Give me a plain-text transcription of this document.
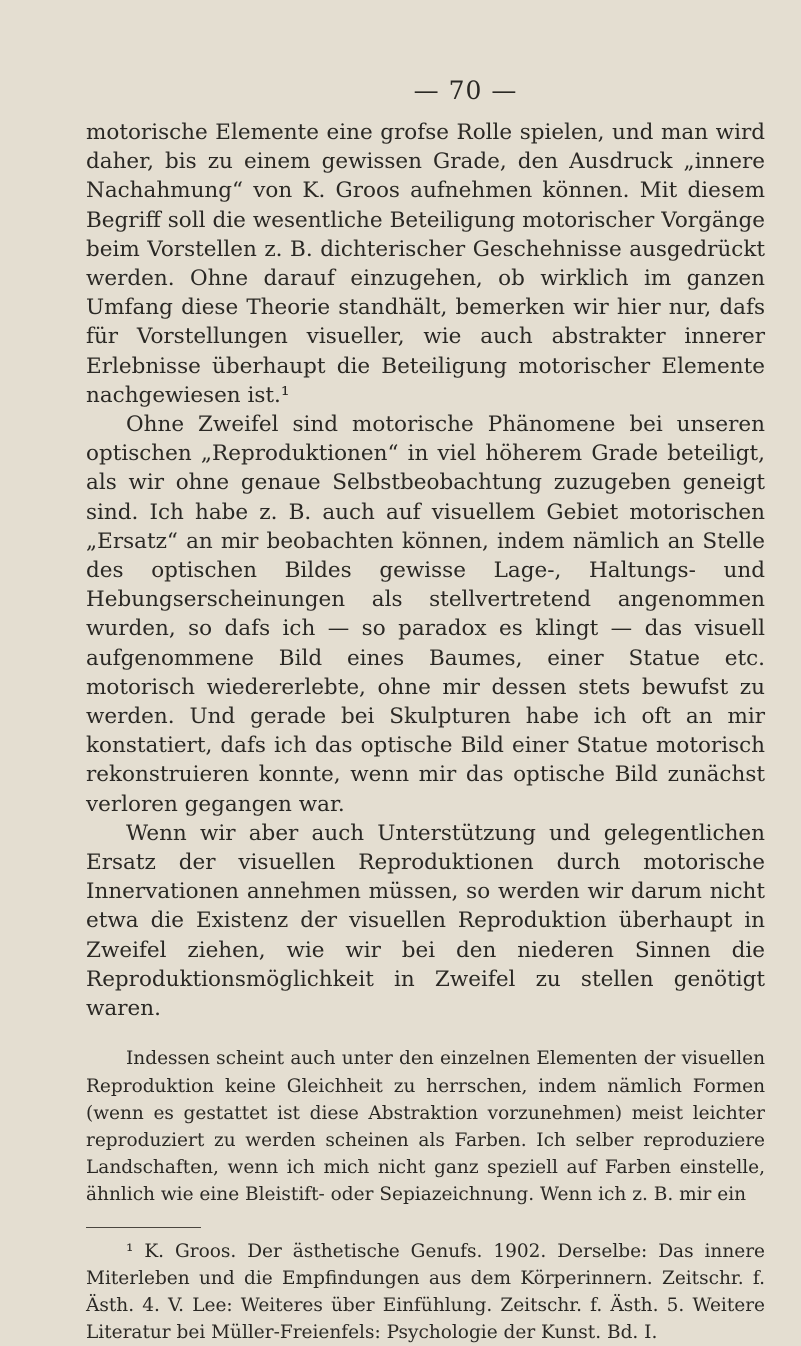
— 70 —

motorische Elemente eine grofse Rolle spielen, und man wird daher, bis zu einem gewissen Grade, den Ausdruck „innere Nachahmung“ von K. Groos aufnehmen können. Mit diesem Begriff soll die wesentliche Beteiligung motorischer Vorgänge beim Vorstellen z. B. dichterischer Geschehnisse ausgedrückt werden. Ohne darauf einzugehen, ob wirklich im ganzen Umfang diese Theorie standhält, bemerken wir hier nur, dafs für Vorstellungen visueller, wie auch abstrakter innerer Erlebnisse überhaupt die Beteiligung motorischer Elemente nachgewiesen ist.¹

Ohne Zweifel sind motorische Phänomene bei unseren optischen „Reproduktionen“ in viel höherem Grade beteiligt, als wir ohne genaue Selbstbeobachtung zuzugeben geneigt sind. Ich habe z. B. auch auf visuellem Gebiet motorischen „Ersatz“ an mir beobachten können, indem nämlich an Stelle des optischen Bildes gewisse Lage-, Haltungs- und Hebungserscheinungen als stellvertretend angenommen wurden, so dafs ich — so paradox es klingt — das visuell aufgenommene Bild eines Baumes, einer Statue etc. motorisch wiedererlebte, ohne mir dessen stets bewufst zu werden. Und gerade bei Skulpturen habe ich oft an mir konstatiert, dafs ich das optische Bild einer Statue motorisch rekonstruieren konnte, wenn mir das optische Bild zunächst verloren gegangen war.

Wenn wir aber auch Unterstützung und gelegentlichen Ersatz der visuellen Reproduktionen durch motorische Innervationen annehmen müssen, so werden wir darum nicht etwa die Existenz der visuellen Reproduktion überhaupt in Zweifel ziehen, wie wir bei den niederen Sinnen die Reproduktionsmöglichkeit in Zweifel zu stellen genötigt waren.

Indessen scheint auch unter den einzelnen Elementen der visuellen Reproduktion keine Gleichheit zu herrschen, indem nämlich Formen (wenn es gestattet ist diese Abstraktion vorzunehmen) meist leichter reproduziert zu werden scheinen als Farben. Ich selber reproduziere Landschaften, wenn ich mich nicht ganz speziell auf Farben einstelle, ähnlich wie eine Bleistift- oder Sepiazeichnung. Wenn ich z. B. mir ein
¹ K. Groos. Der ästhetische Genufs. 1902. Derselbe: Das innere Miterleben und die Empfindungen aus dem Körperinnern. Zeitschr. f. Ästh. 4. V. Lee: Weiteres über Einfühlung. Zeitschr. f. Ästh. 5. Weitere Literatur bei Müller-Freienfels: Psychologie der Kunst. Bd. I.
